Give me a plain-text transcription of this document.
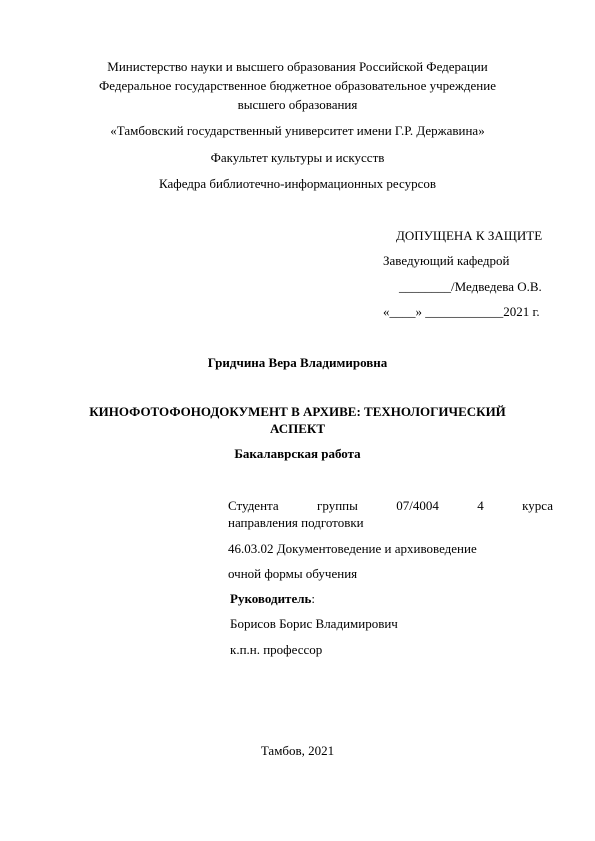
Министерство науки и высшего образования Российской Федерации
Федеральное государственное бюджетное образовательное учреждение
высшего образования
«Тамбовский государственный университет имени Г.Р. Державина»
Факультет культуры и искусств
Кафедра библиотечно-информационных ресурсов
ДОПУЩЕНА К ЗАЩИТЕ
Заведующий кафедрой
________/Медведева О.В.
«____» ____________2021 г.
Гридчина Вера Владимировна
КИНОФОТОФОНОДОКУМЕНТ В АРХИВЕ: ТЕХНОЛОГИЧЕСКИЙ
АСПЕКТ
Бакалаврская работа
Студента	группы	07/4004	4	курса
направления подготовки
46.03.02 Документоведение и архивоведение
очной формы обучения
Руководитель:
Борисов Борис Владимирович
к.п.н. профессор
Тамбов, 2021
